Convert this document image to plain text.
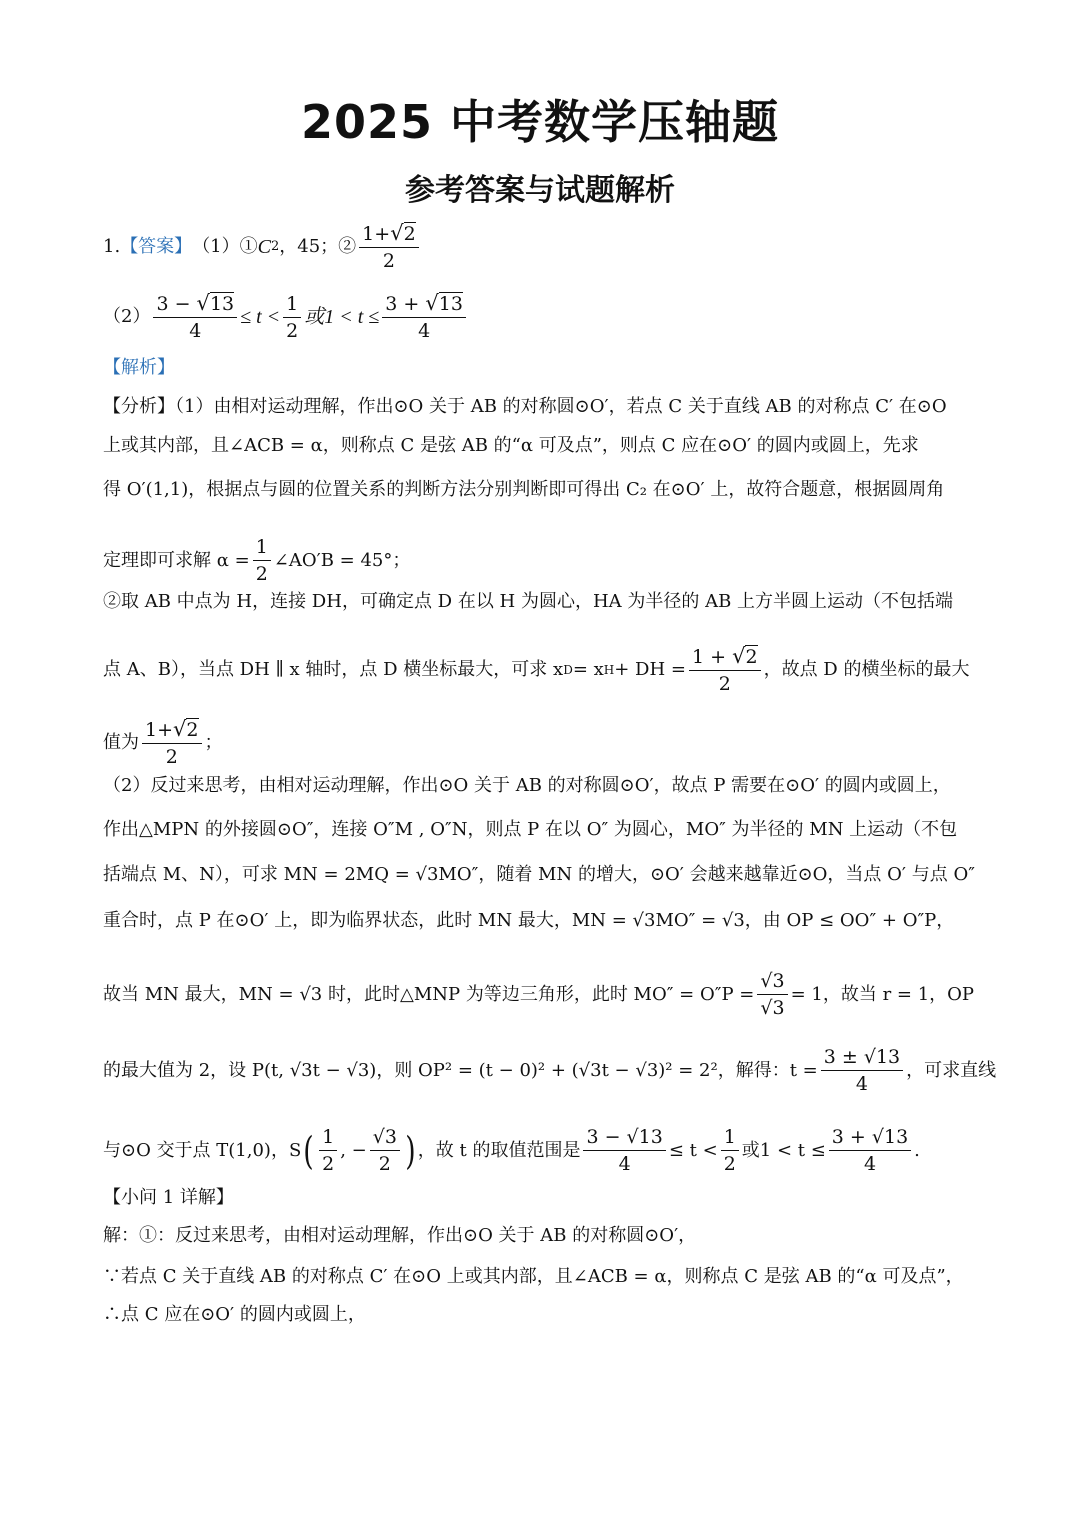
2025 中考数学压轴题
参考答案与试题解析
1. 【答案】 （1）① C 2 ，45；② $\frac{1+ √ 2}{2}$
$(2) \frac{3 - √ 13}{4} \le t < \frac{1}{2}$ 或$1 < t \le \frac{3 + √ 13}{4}$
【解析】
【分析】（1）由相对运动理解，作出⊙O 关于 AB 的对称圆⊙O′，若点 C 关于直线 AB 的对称点 C′ 在⊙O
上或其内部，且∠ACB = α，则称点 C 是弦 AB 的“α 可及点”，则点 C 应在⊙O′ 的圆内或圆上，先求
得 O′(1,1)，根据点与圆的位置关系的判断方法分别判断即可得出 C₂ 在⊙O′ 上，故符合题意，根据圆周角
定理即可求解 $\alpha = \frac{1}{2}$ ∠AO′B = 45°；
②取 AB 中点为 H，连接 DH，可确定点 D 在以 H 为圆心，HA 为半径的 AB 上方半圆上运动（不包括端
点 A、B），当点 DH ∥ x 轴时，点 D 横坐标最大，可求 x D = x H + DH = $\frac{1 + √ 2}{2}$ ，故点 D 的横坐标的最大
值为 $\frac{1+ √ 2}{2}$ ；
（2）反过来思考，由相对运动理解，作出⊙O 关于 AB 的对称圆⊙O′，故点 P 需要在⊙O′ 的圆内或圆上，
作出△MPN 的外接圆⊙O″，连接 O″M , O″N，则点 P 在以 O″ 为圆心，MO″ 为半径的 MN 上运动（不包
括端点 M、N），可求 MN = 2MQ = √3MO″，随着 MN 的增大，⊙O′ 会越来越靠近⊙O，当点 O′ 与点 O″
重合时，点 P 在⊙O′ 上，即为临界状态，此时 MN 最大，MN = √3MO″ = √3，由 OP ≤ OO″ + O″P，
故当 MN 最大，MN = √3 时，此时△MNP 为等边三角形，此时 $MO'' = O''P = \frac{√3}{√3} = 1$，故当 r = 1，OP
的最大值为 2，设 P(t, √3t − √3)，则 OP² = (t − 0)² + (√3t − √3)² = 2²，解得：$t = \frac{3 \pm √13}{4}$ ，可求直线
与⊙O 交于点 T(1,0)，S ( $\frac{1}{2}$ , − $\frac{√3}{2}$ ) ，故 t 的取值范围是 $\frac{3 - √13}{4} \le t < \frac{1}{2}$ 或$1 < t \le \frac{3 + √13}{4}$ .
【小问 1 详解】
解：①：反过来思考，由相对运动理解，作出⊙O 关于 AB 的对称圆⊙O′，
∵若点 C 关于直线 AB 的对称点 C′ 在⊙O 上或其内部，且∠ACB = α，则称点 C 是弦 AB 的“α 可及点”，
∴点 C 应在⊙O′ 的圆内或圆上，
